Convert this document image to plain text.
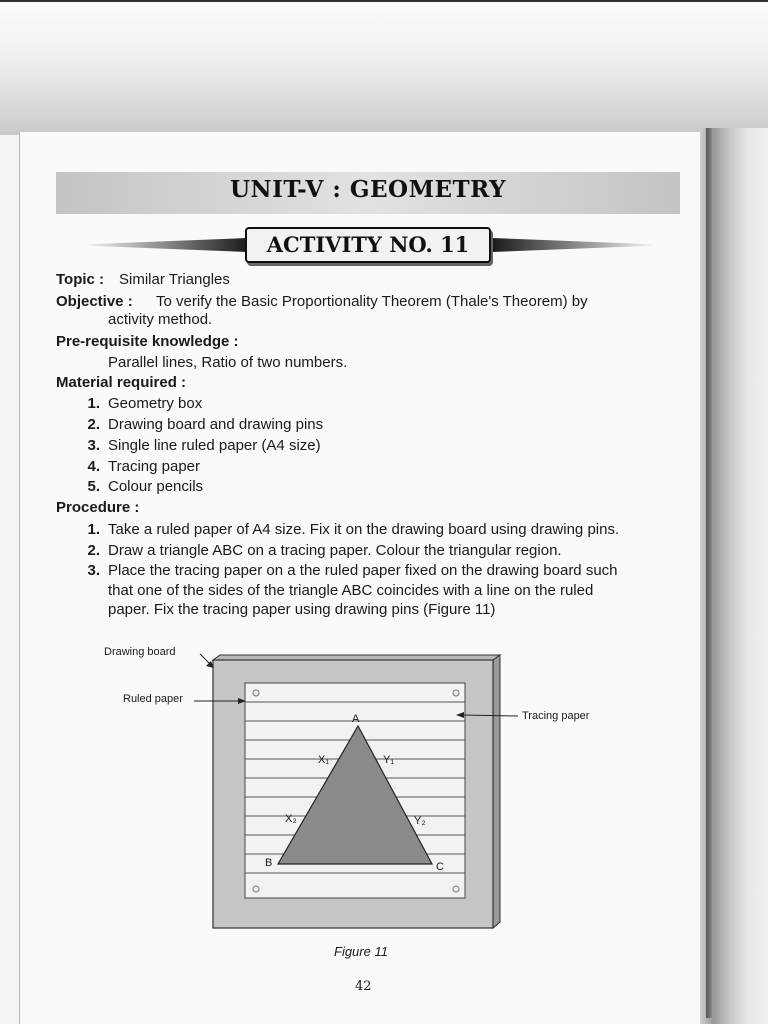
UNIT-V : GEOMETRY
ACTIVITY NO. 11
Topic : Similar Triangles
Objective : To verify the Basic Proportionality Theorem (Thale's Theorem) by
activity method.
Pre-requisite knowledge :
Parallel lines, Ratio of two numbers.
Material required :
1. Geometry box
2. Drawing board and drawing pins
3. Single line ruled paper (A4 size)
4. Tracing paper
5. Colour pencils
Procedure :
1. Take a ruled paper of A4 size. Fix it on the drawing board using drawing pins.
2. Draw a triangle ABC on a tracing paper. Colour the triangular region.
3. Place the tracing paper on a the ruled paper fixed on the drawing board such
that one of the sides of the triangle ABC coincides with a line on the ruled
paper. Fix the tracing paper using drawing pins (Figure 11)
Drawing board
Ruled paper
Tracing paper
A
B	C
X₁	Y₁
X₂	Y₂
Figure 11
42
